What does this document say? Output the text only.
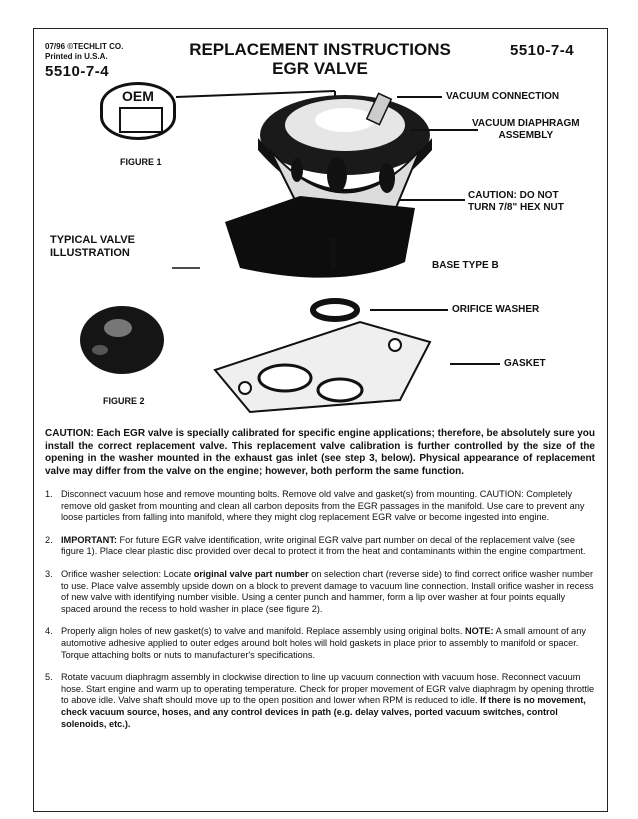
07/96 ©TECHLIT CO.
Printed in U.S.A.
5510-7-4
REPLACEMENT INSTRUCTIONS
EGR VALVE
5510-7-4
OEM
FIGURE 1
TYPICAL VALVE
ILLUSTRATION
VACUUM CONNECTION
VACUUM DIAPHRAGM
ASSEMBLY
CAUTION: DO NOT
TURN 7/8" HEX NUT
BASE TYPE B
ORIFICE WASHER
GASKET
FIGURE 2
CAUTION: Each EGR valve is specially calibrated for specific engine applications; therefore, be absolutely sure you install the correct replacement valve. This replacement valve calibration is further controlled by the size of the opening in the washer mounted in the exhaust gas inlet (see step 3, below). Physical appearance of replacement valve may differ from the valve on the engine; however, both perform the same function.
1. Disconnect vacuum hose and remove mounting bolts. Remove old valve and gasket(s) from mounting. CAUTION: Completely remove old gasket from mounting and clean all carbon deposits from the EGR passages in the manifold. Use care to prevent any loose particles from falling into manifold, where they might clog replacement EGR valve or become ingested into engine.
2. IMPORTANT: For future EGR valve identification, write original EGR valve part number on decal of the replacement valve (see figure 1). Place clear plastic disc provided over decal to protect it from the heat and contaminants within the engine compartment.
3. Orifice washer selection: Locate original valve part number on selection chart (reverse side) to find correct orifice washer number to use. Place valve assembly upside down on a block to prevent damage to vacuum line connection. Install orifice washer in recess of new valve with identifying number visible. Using a center punch and hammer, form a lip over washer at four points equally spaced around the recess to hold washer in place (see figure 2).
4. Properly align holes of new gasket(s) to valve and manifold. Replace assembly using original bolts. NOTE: A small amount of any automotive adhesive applied to outer edges around bolt holes will hold gaskets in place prior to assembly to manifold or spacer. Torque attaching bolts or nuts to manufacturer's specifications.
5. Rotate vacuum diaphragm assembly in clockwise direction to line up vacuum connection with vacuum hose. Reconnect vacuum hose. Start engine and warm up to operating temperature. Check for proper movement of EGR valve diaphragm by opening throttle to above idle. Valve shaft should move up to the open position and lower when RPM is reduced to idle. If there is no movement, check vacuum source, hoses, and any control devices in path (e.g. delay valves, ported vacuum switches, control solenoids, etc.).
